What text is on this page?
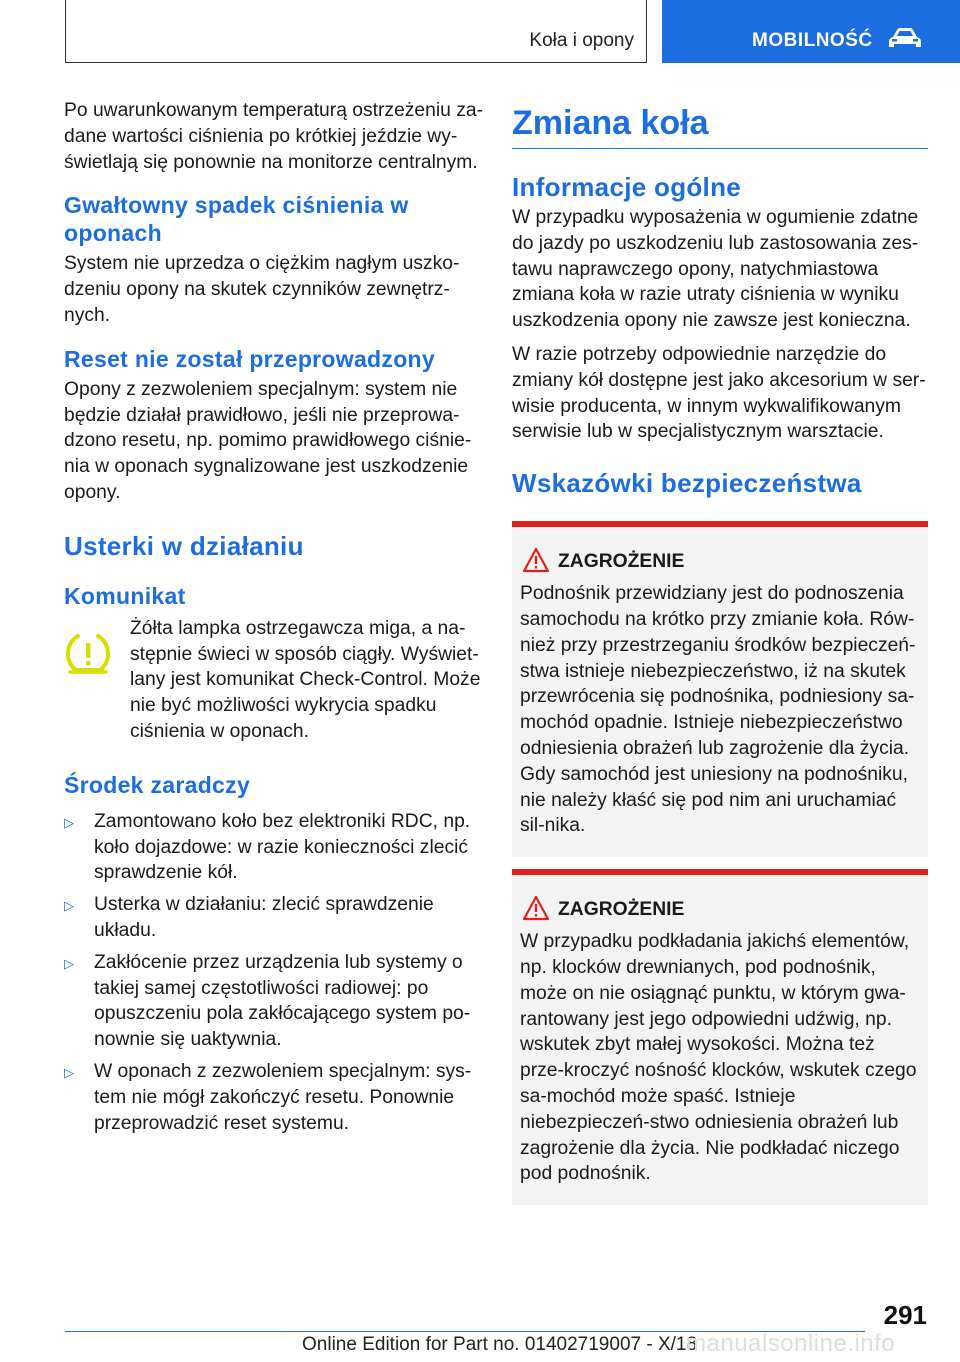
Koła i opony	MOBILNOŚĆ

Po uwarunkowanym temperaturą ostrzeżeniu za-dane wartości ciśnienia po krótkiej jeździe wy-świetlają się ponownie na monitorze centralnym.

Gwałtowny spadek ciśnienia w oponach

System nie uprzedza o ciężkim nagłym uszko-dzeniu opony na skutek czynników zewnętrz-nych.

Reset nie został przeprowadzony

Opony z zezwoleniem specjalnym: system nie będzie działał prawidłowo, jeśli nie przeprowa-dzono resetu, np. pomimo prawidłowego ciśnie-nia w oponach sygnalizowane jest uszkodzenie opony.

Usterki w działaniu
Komunikat

Żółta lampka ostrzegawcza miga, a na-stępnie świeci w sposób ciągły. Wyświet-lany jest komunikat Check-Control. Może nie być możliwości wykrycia spadku ciśnienia w oponach.

Środek zaradczy
▷ Zamontowano koło bez elektroniki RDC, np. koło dojazdowe: w razie konieczności zlecić sprawdzenie kół.
▷ Usterka w działaniu: zlecić sprawdzenie układu.
▷ Zakłócenie przez urządzenia lub systemy o takiej samej częstotliwości radiowej: po opuszczeniu pola zakłócającego system po-nownie się uaktywnia.
▷ W oponach z zezwoleniem specjalnym: sys-tem nie mógł zakończyć resetu. Ponownie przeprowadzić reset systemu.
Zmiana koła
Informacje ogólne

W przypadku wyposażenia w ogumienie zdatne do jazdy po uszkodzeniu lub zastosowania zes-tawu naprawczego opony, natychmiastowa zmiana koła w razie utraty ciśnienia w wyniku uszkodzenia opony nie zawsze jest konieczna.

W razie potrzeby odpowiednie narzędzie do zmiany kół dostępne jest jako akcesorium w ser-wisie producenta, w innym wykwalifikowanym serwisie lub w specjalistycznym warsztacie.

Wskazówki bezpieczeństwa
ZAGROŻENIE

Podnośnik przewidziany jest do podnoszenia samochodu na krótko przy zmianie koła. Rów-nież przy przestrzeganiu środków bezpieczeń-stwa istnieje niebezpieczeństwo, iż na skutek przewrócenia się podnośnika, podniesiony sa-mochód opadnie. Istnieje niebezpieczeństwo odniesienia obrażeń lub zagrożenie dla życia. Gdy samochód jest uniesiony na podnośniku, nie należy kłaść się pod nim ani uruchamiać sil-nika.

ZAGROŻENIE

W przypadku podkładania jakichś elementów, np. klocków drewnianych, pod podnośnik, może on nie osiągnąć punktu, w którym gwa-rantowany jest jego odpowiedni udźwig, np. wskutek zbyt małej wysokości. Można też prze-kroczyć nośność klocków, wskutek czego sa-mochód może spaść. Istnieje niebezpieczeń-stwo odniesienia obrażeń lub zagrożenie dla życia. Nie podkładać niczego pod podnośnik.

291
Online Edition for Part no. 01402719007 - X/18
manualsonline.info
